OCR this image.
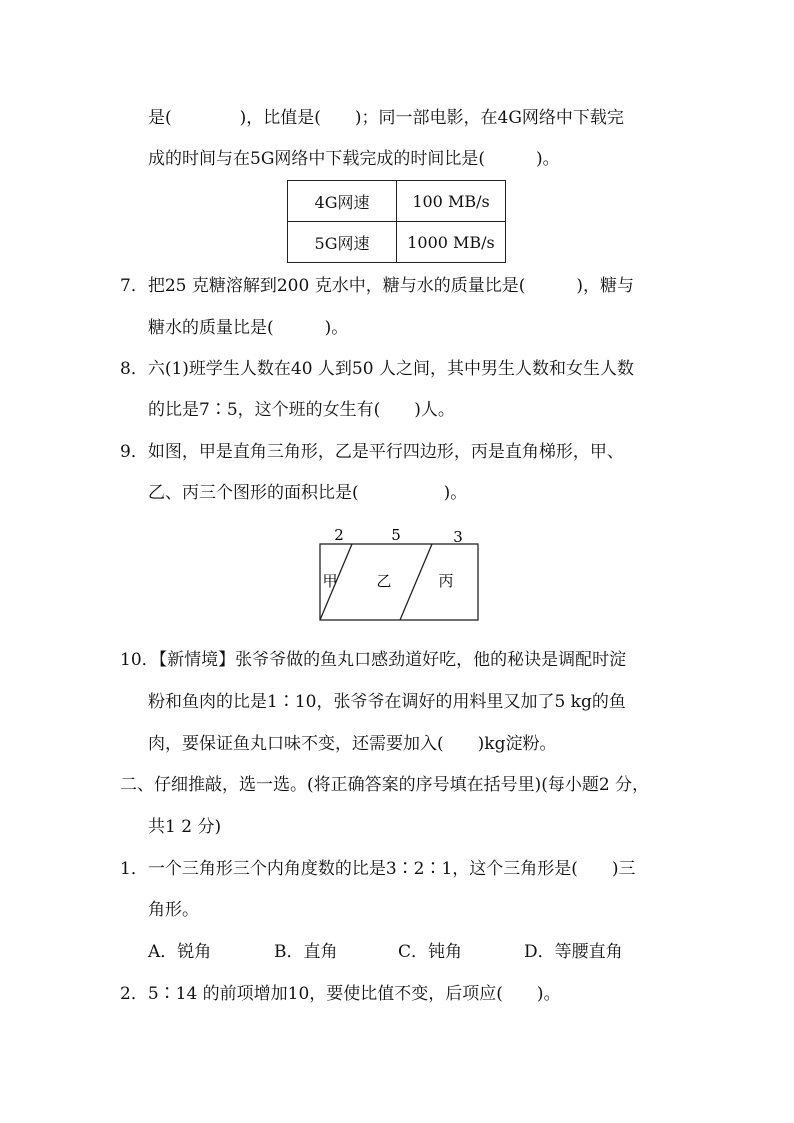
是(　　　　)，比值是(　　)；同一部电影，在4G网络中下载完
成的时间与在5G网络中下载完成的时间比是(　　　)。
4G网速	100 MB/s
5G网速	1000 MB/s
7．把25 克糖溶解到200 克水中，糖与水的质量比是(　　　)，糖与
糖水的质量比是(　　　)。
8．六(1)班学生人数在40 人到50 人之间，其中男生人数和女生人数
的比是7∶5，这个班的女生有(　　)人。
9．如图，甲是直角三角形，乙是平行四边形，丙是直角梯形，甲、
乙、丙三个图形的面积比是(　　　　　)。
2	5	3
甲	乙	丙
10．【新情境】张爷爷做的鱼丸口感劲道好吃，他的秘诀是调配时淀
粉和鱼肉的比是1∶10，张爷爷在调好的用料里又加了5 kg的鱼
肉，要保证鱼丸口味不变，还需要加入(　　)kg淀粉。
二、仔细推敲，选一选。(将正确答案的序号填在括号里)(每小题2 分，
共1 2 分)
1．一个三角形三个内角度数的比是3∶2∶1，这个三角形是(　　)三
角形。
A．锐角	B．直角	C．钝角	D．等腰直角
2．5∶14 的前项增加10，要使比值不变，后项应(　　)。
